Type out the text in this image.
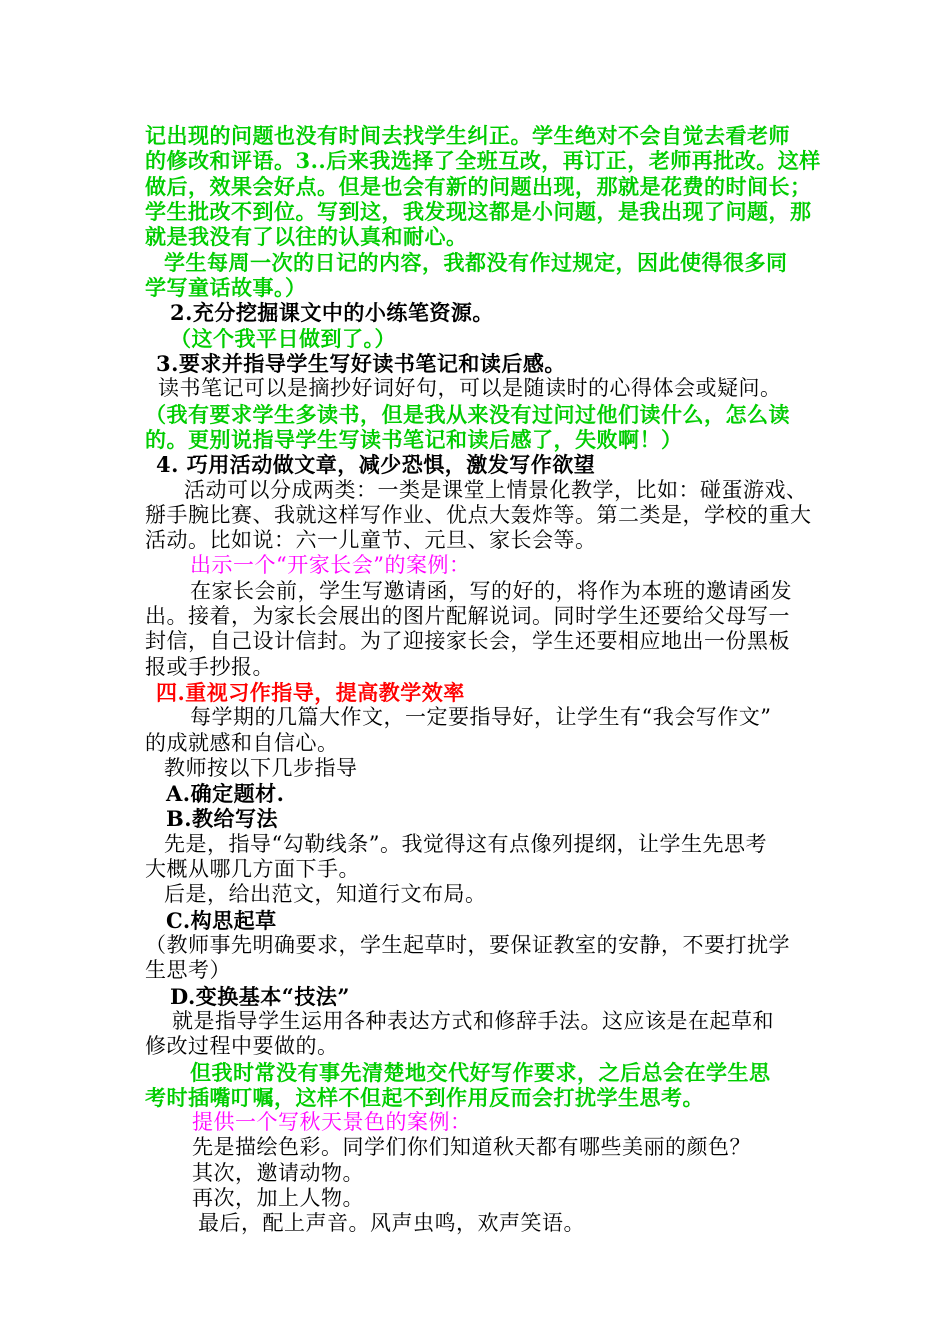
记出现的问题也没有时间去找学生纠正。学生绝对不会自觉去看老师
的修改和评语。3..后来我选择了全班互改，再订正，老师再批改。这样
做后，效果会好点。但是也会有新的问题出现，那就是花费的时间长；
学生批改不到位。写到这，我发现这都是小问题，是我出现了问题，那
就是我没有了以往的认真和耐心。
学生每周一次的日记的内容，我都没有作过规定，因此使得很多同
学写童话故事。）
2.充分挖掘课文中的小练笔资源。
（这个我平日做到了。）
3.要求并指导学生写好读书笔记和读后感。
读书笔记可以是摘抄好词好句，可以是随读时的心得体会或疑问。
（我有要求学生多读书，但是我从来没有过问过他们读什么，怎么读
的。更别说指导学生写读书笔记和读后感了，失败啊！）
4. 巧用活动做文章，减少恐惧，激发写作欲望
活动可以分成两类：一类是课堂上情景化教学，比如：碰蛋游戏、
掰手腕比赛、我就这样写作业、优点大轰炸等。第二类是，学校的重大
活动。比如说：六一儿童节、元旦、家长会等。
出示一个“开家长会”的案例：
在家长会前，学生写邀请函，写的好的，将作为本班的邀请函发
出。接着，为家长会展出的图片配解说词。同时学生还要给父母写一
封信，自己设计信封。为了迎接家长会，学生还要相应地出一份黑板
报或手抄报。
四.重视习作指导，提高教学效率
每学期的几篇大作文，一定要指导好，让学生有“我会写作文”
的成就感和自信心。
教师按以下几步指导
A.确定题材.
B.教给写法
先是，指导“勾勒线条”。我觉得这有点像列提纲，让学生先思考
大概从哪几方面下手。
后是，给出范文，知道行文布局。
C.构思起草
（教师事先明确要求，学生起草时，要保证教室的安静，不要打扰学
生思考）
D.变换基本“技法”
就是指导学生运用各种表达方式和修辞手法。这应该是在起草和
修改过程中要做的。
但我时常没有事先清楚地交代好写作要求，之后总会在学生思
考时插嘴叮嘱，这样不但起不到作用反而会打扰学生思考。
提供一个写秋天景色的案例：
先是描绘色彩。同学们你们知道秋天都有哪些美丽的颜色？
其次，邀请动物。
再次，加上人物。
最后，配上声音。风声虫鸣，欢声笑语。
